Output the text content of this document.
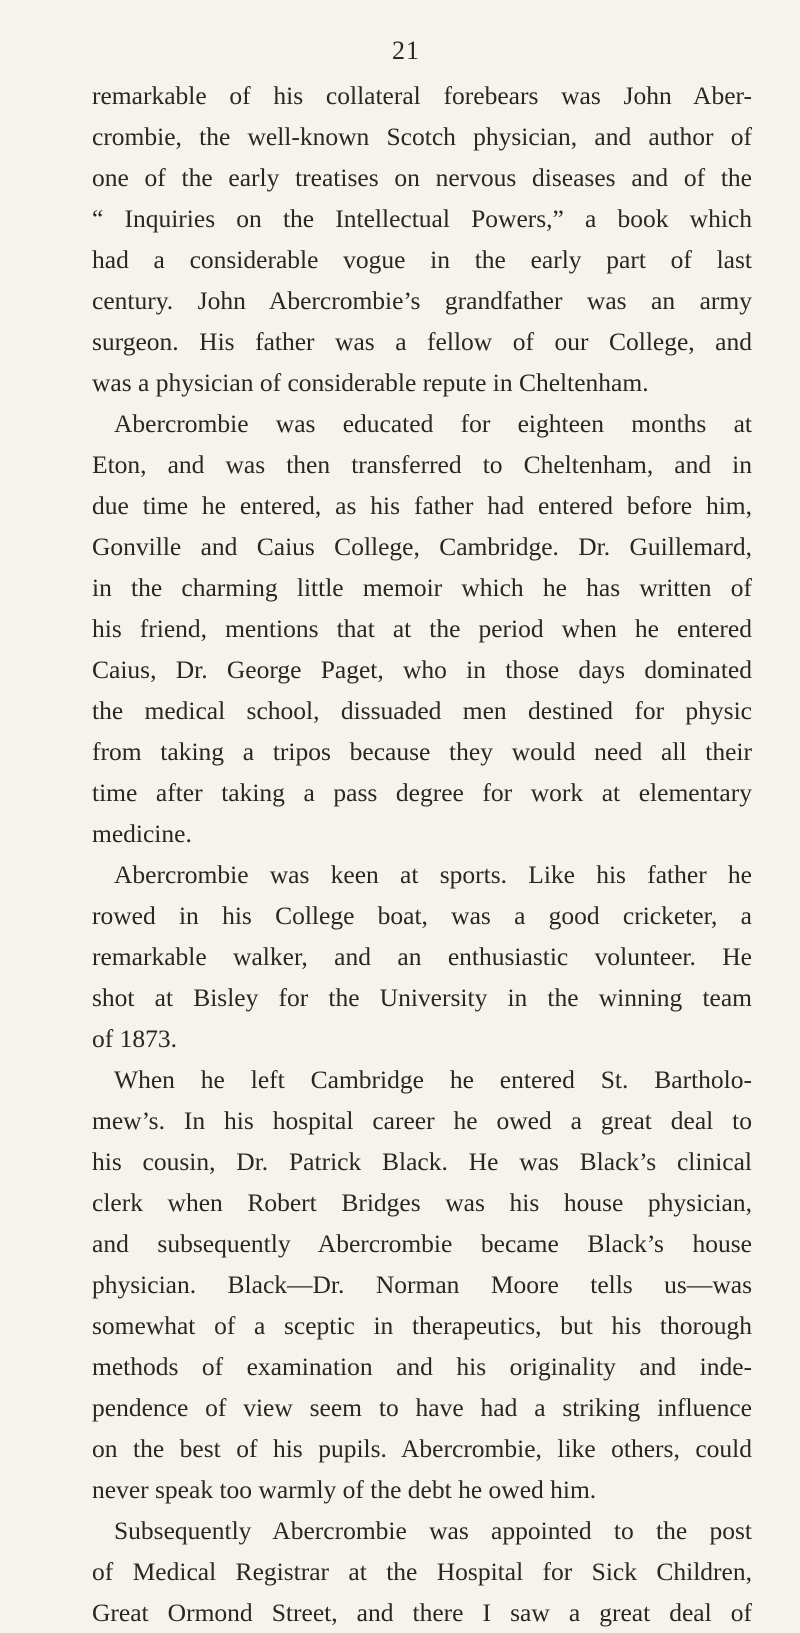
21
remarkable of his collateral forebears was John Aber-
crombie, the well-known Scotch physician, and author of
one of the early treatises on nervous diseases and of the
“ Inquiries on the Intellectual Powers,” a book which
had a considerable vogue in the early part of last
century. John Abercrombie’s grandfather was an army
surgeon. His father was a fellow of our College, and
was a physician of considerable repute in Cheltenham.
Abercrombie was educated for eighteen months at
Eton, and was then transferred to Cheltenham, and in
due time he entered, as his father had entered before him,
Gonville and Caius College, Cambridge. Dr. Guillemard,
in the charming little memoir which he has written of
his friend, mentions that at the period when he entered
Caius, Dr. George Paget, who in those days dominated
the medical school, dissuaded men destined for physic
from taking a tripos because they would need all their
time after taking a pass degree for work at elementary
medicine.
Abercrombie was keen at sports. Like his father he
rowed in his College boat, was a good cricketer, a
remarkable walker, and an enthusiastic volunteer. He
shot at Bisley for the University in the winning team
of 1873.
When he left Cambridge he entered St. Bartholo-
mew’s. In his hospital career he owed a great deal to
his cousin, Dr. Patrick Black. He was Black’s clinical
clerk when Robert Bridges was his house physician,
and subsequently Abercrombie became Black’s house
physician. Black—Dr. Norman Moore tells us—was
somewhat of a sceptic in therapeutics, but his thorough
methods of examination and his originality and inde-
pendence of view seem to have had a striking influence
on the best of his pupils. Abercrombie, like others, could
never speak too warmly of the debt he owed him.
Subsequently Abercrombie was appointed to the post
of Medical Registrar at the Hospital for Sick Children,
Great Ormond Street, and there I saw a great deal of
